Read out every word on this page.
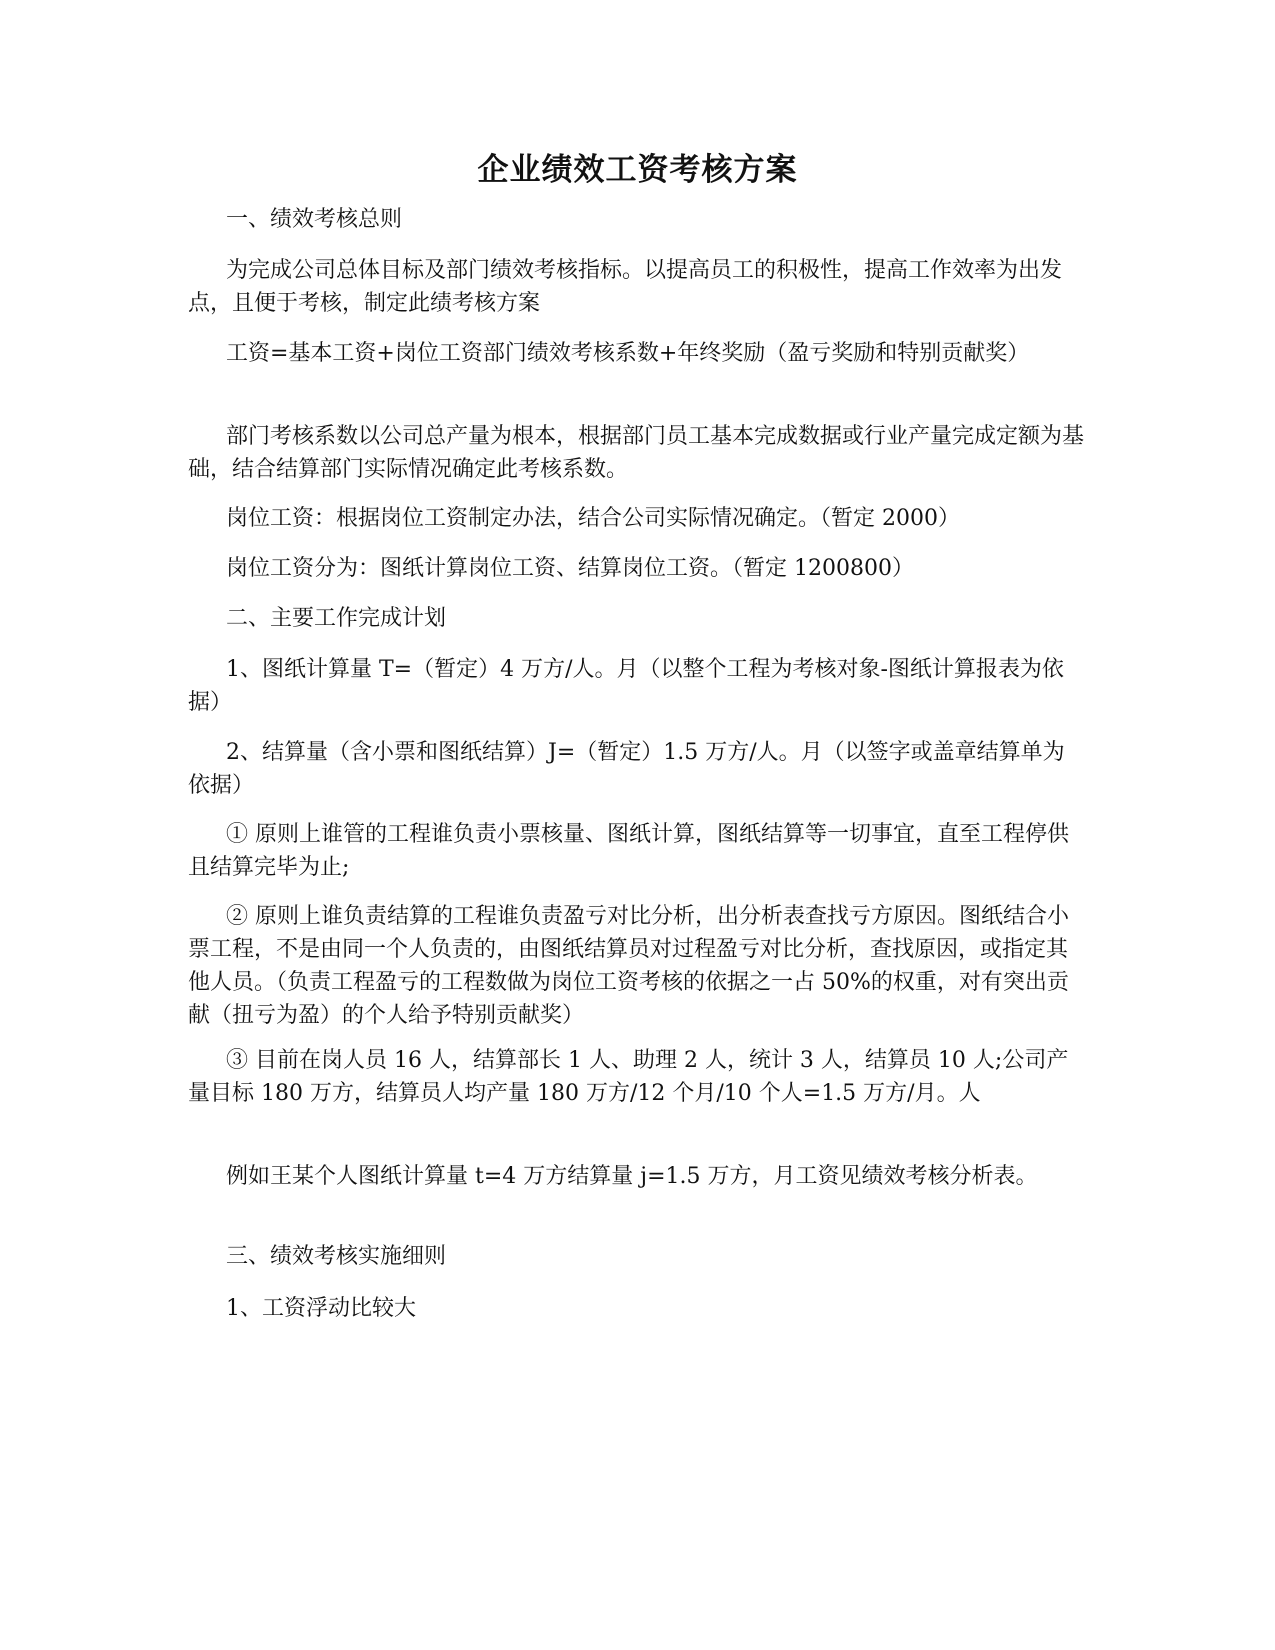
企业绩效工资考核方案
一、绩效考核总则
为完成公司总体目标及部门绩效考核指标。以提高员工的积极性，提高工作效率为出发点，且便于考核，制定此绩考核方案
工资=基本工资+岗位工资部门绩效考核系数+年终奖励（盈亏奖励和特别贡献奖）
部门考核系数以公司总产量为根本，根据部门员工基本完成数据或行业产量完成定额为基础，结合结算部门实际情况确定此考核系数。
岗位工资：根据岗位工资制定办法，结合公司实际情况确定。（暂定 2000）
岗位工资分为：图纸计算岗位工资、结算岗位工资。（暂定 1200800）
二、主要工作完成计划
1、图纸计算量 T=（暂定）4 万方/人。月（以整个工程为考核对象-图纸计算报表为依据）
2、结算量（含小票和图纸结算）J=（暂定）1.5 万方/人。月（以签字或盖章结算单为依据）
① 原则上谁管的工程谁负责小票核量、图纸计算，图纸结算等一切事宜，直至工程停供且结算完毕为止;
② 原则上谁负责结算的工程谁负责盈亏对比分析，出分析表查找亏方原因。图纸结合小票工程，不是由同一个人负责的，由图纸结算员对过程盈亏对比分析，查找原因，或指定其他人员。（负责工程盈亏的工程数做为岗位工资考核的依据之一占 50%的权重，对有突出贡献（扭亏为盈）的个人给予特别贡献奖）
③ 目前在岗人员 16 人，结算部长 1 人、助理 2 人，统计 3 人，结算员 10 人;公司产量目标 180 万方，结算员人均产量 180 万方/12 个月/10 个人=1.5 万方/月。人
例如王某个人图纸计算量 t=4 万方结算量 j=1.5 万方，月工资见绩效考核分析表。
三、绩效考核实施细则
1、工资浮动比较大
